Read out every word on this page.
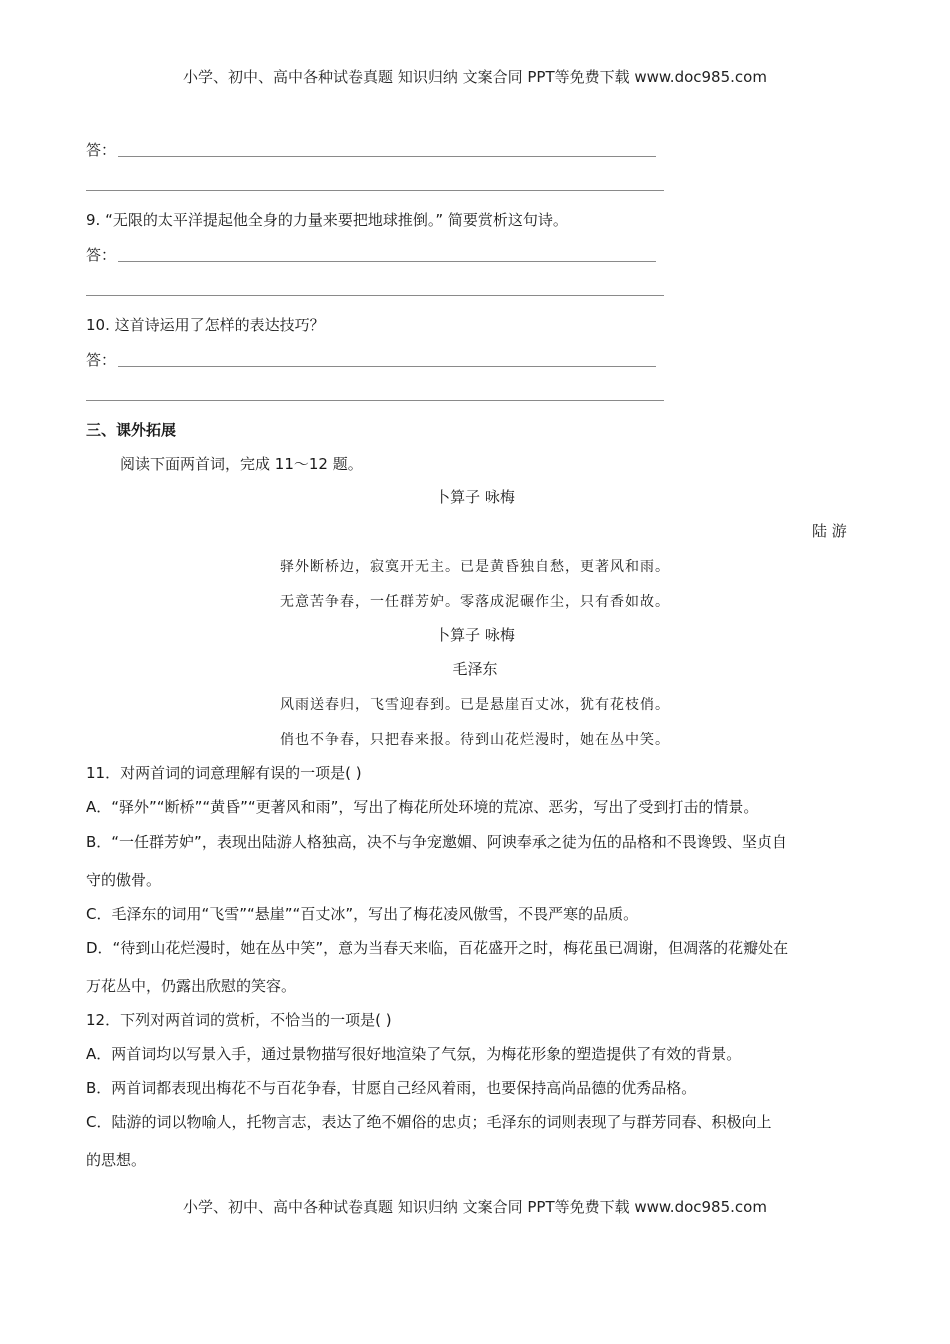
小学、初中、高中各种试卷真题 知识归纳 文案合同 PPT等免费下载 www.doc985.com
答：
9. “无限的太平洋提起他全身的力量来要把地球推倒。” 简要赏析这句诗。
答：
10. 这首诗运用了怎样的表达技巧？
答：
三、课外拓展
阅读下面两首词，完成 11～12 题。
卜算子 咏梅
陆 游
驿外断桥边，寂寞开无主。已是黄昏独自愁，更著风和雨。
无意苦争春，一任群芳妒。零落成泥碾作尘，只有香如故。
卜算子 咏梅
毛泽东
风雨送春归，飞雪迎春到。已是悬崖百丈冰，犹有花枝俏。
俏也不争春，只把春来报。待到山花烂漫时，她在丛中笑。
11．对两首词的词意理解有误的一项是( )
A．“驿外”“断桥”“黄昏”“更著风和雨”，写出了梅花所处环境的荒凉、恶劣，写出了受到打击的情景。
B．“一任群芳妒”，表现出陆游人格独高，决不与争宠邀媚、阿谀奉承之徒为伍的品格和不畏谗毁、坚贞自
守的傲骨。
C．毛泽东的词用“飞雪”“悬崖”“百丈冰”，写出了梅花凌风傲雪，不畏严寒的品质。
D．“待到山花烂漫时，她在丛中笑”，意为当春天来临，百花盛开之时，梅花虽已凋谢，但凋落的花瓣处在
万花丛中，仍露出欣慰的笑容。
12．下列对两首词的赏析，不恰当的一项是( )
A．两首词均以写景入手，通过景物描写很好地渲染了气氛，为梅花形象的塑造提供了有效的背景。
B．两首词都表现出梅花不与百花争春，甘愿自己经风着雨，也要保持高尚品德的优秀品格。
C．陆游的词以物喻人，托物言志，表达了绝不媚俗的忠贞；毛泽东的词则表现了与群芳同春、积极向上
的思想。
小学、初中、高中各种试卷真题 知识归纳 文案合同 PPT等免费下载 www.doc985.com
